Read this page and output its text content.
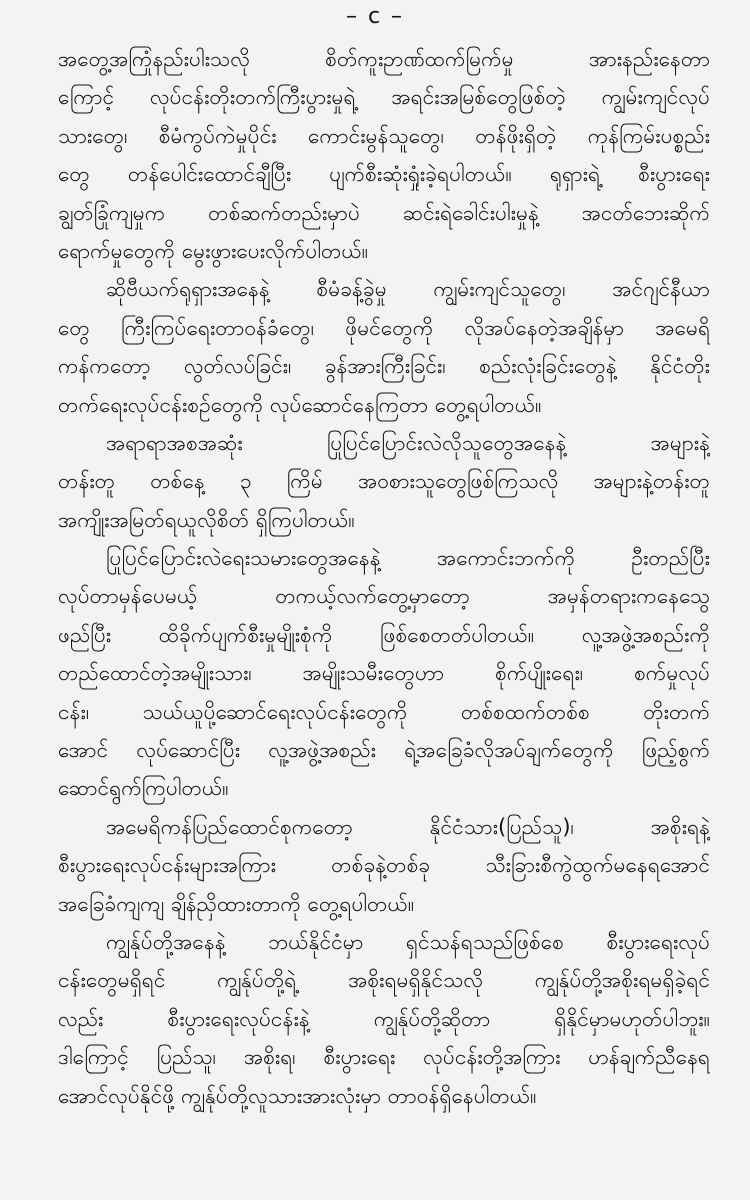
– c –
အတွေ့အကြုံနည်းပါးသလို စိတ်ကူးဉာဏ်ထက်မြက်မှု အားနည်းနေတာ
ကြောင့် လုပ်ငန်းတိုးတက်ကြီးပွားမှုရဲ့ အရင်းအမြစ်တွေဖြစ်တဲ့ ကျွမ်းကျင်လုပ်
သားတွေ၊ စီမံကွပ်ကဲမှုပိုင်း ကောင်းမွန်သူတွေ၊ တန်ဖိုးရှိတဲ့ ကုန်ကြမ်းပစ္စည်း
တွေ တန်ပေါင်းထောင်ချီပြီး ပျက်စီးဆုံးရှုံးခဲ့ရပါတယ်။ ရုရှားရဲ့ စီးပွားရေး
ချွတ်ခြုံကျမှုက တစ်ဆက်တည်းမှာပဲ ဆင်းရဲခေါင်းပါးမှုနဲ့ အငတ်ဘေးဆိုက်
ရောက်မှုတွေကို မွေးဖွားပေးလိုက်ပါတယ်။
ဆိုဗီယက်ရုရှားအနေနဲ့ စီမံခန့်ခွဲမှု ကျွမ်းကျင်သူတွေ၊ အင်ဂျင်နီယာ
တွေ ကြီးကြပ်ရေးတာဝန်ခံတွေ၊ ဖိုမင်တွေကို လိုအပ်နေတဲ့အချိန်မှာ အမေရိ
ကန်ကတော့ လွတ်လပ်ခြင်း၊ ခွန်အားကြီးခြင်း၊ စည်းလုံးခြင်းတွေနဲ့ နိုင်ငံတိုး
တက်ရေးလုပ်ငန်းစဉ်တွေကို လုပ်ဆောင်နေကြတာ တွေ့ရပါတယ်။
အရာရာအစအဆုံး ပြုပြင်ပြောင်းလဲလိုသူတွေအနေနဲ့ အများနဲ့
တန်းတူ တစ်နေ့ ၃ ကြိမ် အဝစားသူတွေဖြစ်ကြသလို အများနဲ့တန်းတူ
အကျိုးအမြတ်ရယူလိုစိတ် ရှိကြပါတယ်။
ပြုပြင်ပြောင်းလဲရေးသမားတွေအနေနဲ့ အကောင်းဘက်ကို ဦးတည်ပြီး
လုပ်တာမှန်ပေမယ့် တကယ့်လက်တွေ့မှာတော့ အမှန်တရားကနေသွေ
ဖည်ပြီး ထိခိုက်ပျက်စီးမှုမျိုးစုံကို ဖြစ်စေတတ်ပါတယ်။ လူ့အဖွဲ့အစည်းကို
တည်ထောင်တဲ့အမျိုးသား၊ အမျိုးသမီးတွေဟာ စိုက်ပျိုးရေး၊ စက်မှုလုပ်
ငန်း၊ သယ်ယူပို့ဆောင်ရေးလုပ်ငန်းတွေကို တစ်စထက်တစ်စ တိုးတက်
အောင် လုပ်ဆောင်ပြီး လူ့အဖွဲ့အစည်း ရဲ့အခြေခံလိုအပ်ချက်တွေကို ဖြည့်စွက်
ဆောင်ရွက်ကြပါတယ်။
အမေရိကန်ပြည်ထောင်စုကတော့ နိုင်ငံသား(ပြည်သူ)၊ အစိုးရနဲ့
စီးပွားရေးလုပ်ငန်းများအကြား တစ်ခုနဲ့တစ်ခု သီးခြားစီကွဲထွက်မနေရအောင်
အခြေခံကျကျ ချိန်ညှိထားတာကို တွေ့ရပါတယ်။
ကျွန်ုပ်တို့အနေနဲ့ ဘယ်နိုင်ငံမှာ ရှင်သန်ရသည်ဖြစ်စေ စီးပွားရေးလုပ်
ငန်းတွေမရှိရင် ကျွန်ုပ်တို့ရဲ့ အစိုးရမရှိနိုင်သလို ကျွန်ုပ်တို့အစိုးရမရှိခဲ့ရင်
လည်း စီးပွားရေးလုပ်ငန်းနဲ့ ကျွန်ုပ်တို့ဆိုတာ ရှိနိုင်မှာမဟုတ်ပါဘူး။
ဒါကြောင့် ပြည်သူ၊ အစိုးရ၊ စီးပွားရေး လုပ်ငန်းတို့အကြား ဟန်ချက်ညီနေရ
အောင်လုပ်နိုင်ဖို့ ကျွန်ုပ်တို့လူသားအားလုံးမှာ တာဝန်ရှိနေပါတယ်။
